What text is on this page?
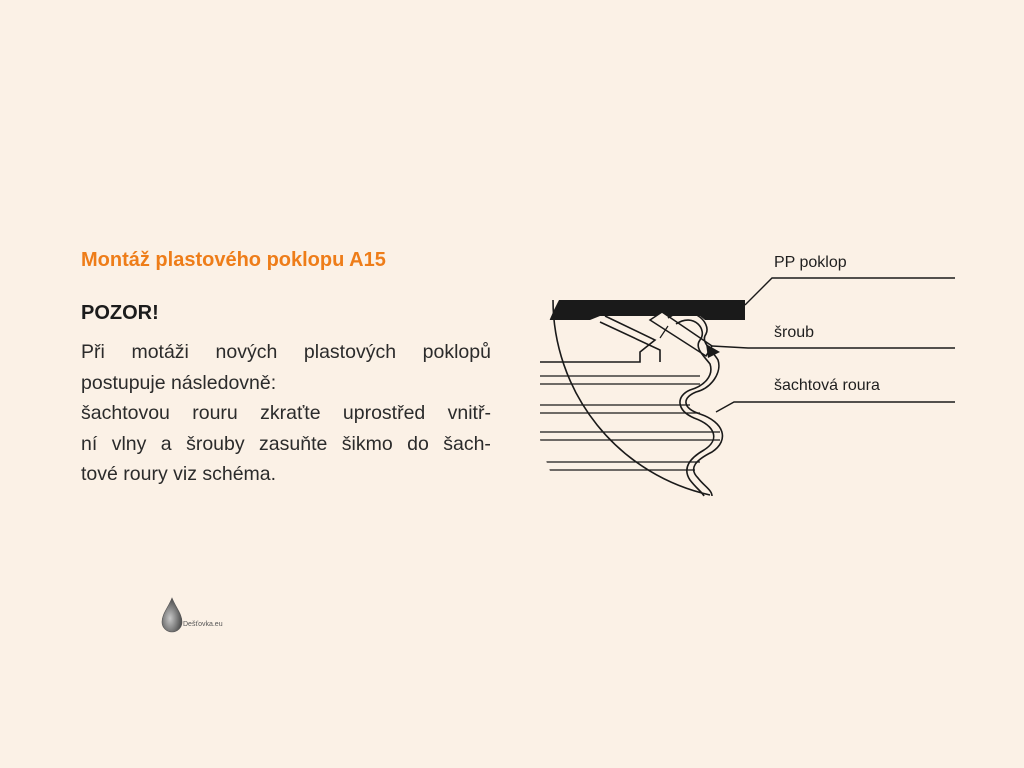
Montáž plastového poklopu A15
POZOR!
Při motáži nových plastových poklopů
postupuje následovně:
šachtovou rouru zkraťte uprostřed vnitř-
ní vlny a šrouby zasuňte šikmo do šach-
tové roury viz schéma.
PP poklop
šroub
šachtová roura
Dešťovka.eu
